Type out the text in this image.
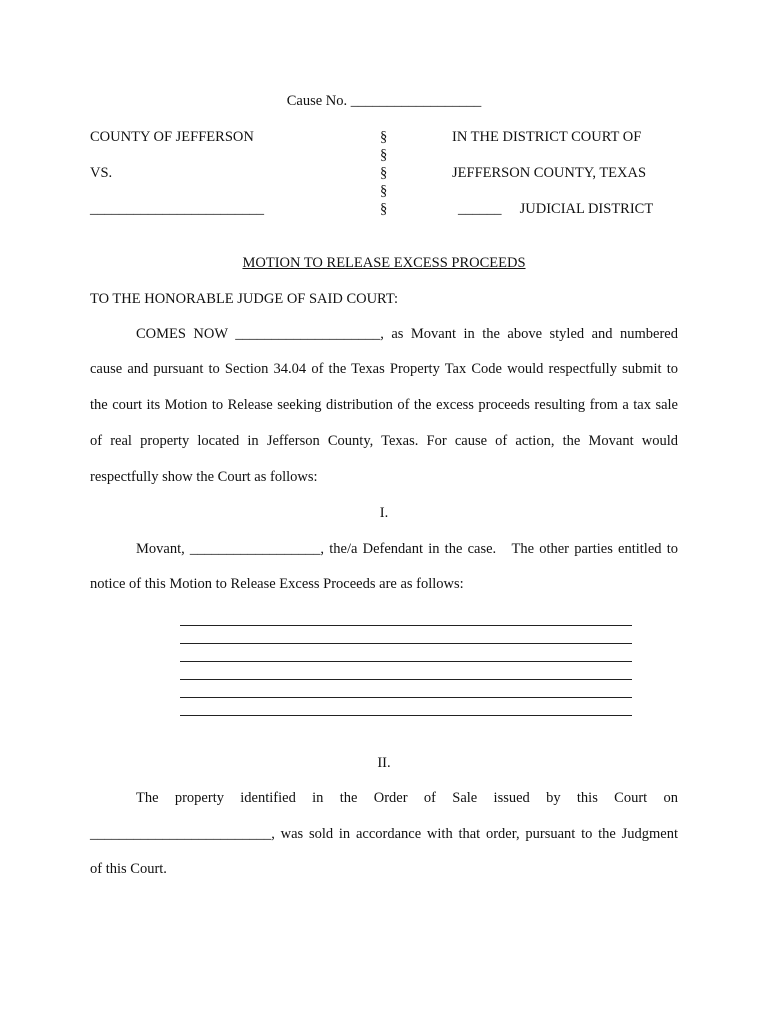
Cause No. __________________
COUNTY OF JEFFERSON
VS.
________________________
§
§
§
§
§
IN THE DISTRICT COURT OF
JEFFERSON COUNTY, TEXAS
______     JUDICIAL DISTRICT
MOTION TO RELEASE EXCESS PROCEEDS
TO THE HONORABLE JUDGE OF SAID COURT:
COMES NOW ____________________, as Movant in the above styled and numbered
cause and pursuant to Section 34.04 of the Texas Property Tax Code would respectfully submit to
the court its Motion to Release seeking distribution of the excess proceeds resulting from a tax sale
of real property located in Jefferson County, Texas. For cause of action, the Movant would
respectfully show the Court as follows:
I.
Movant, __________________, the/a Defendant in the case.   The other parties entitled to
notice of this Motion to Release Excess Proceeds are as follows:
II.
The property identified in the Order of Sale issued by this Court on
_________________________, was sold in accordance with that order, pursuant to the Judgment
of this Court.
